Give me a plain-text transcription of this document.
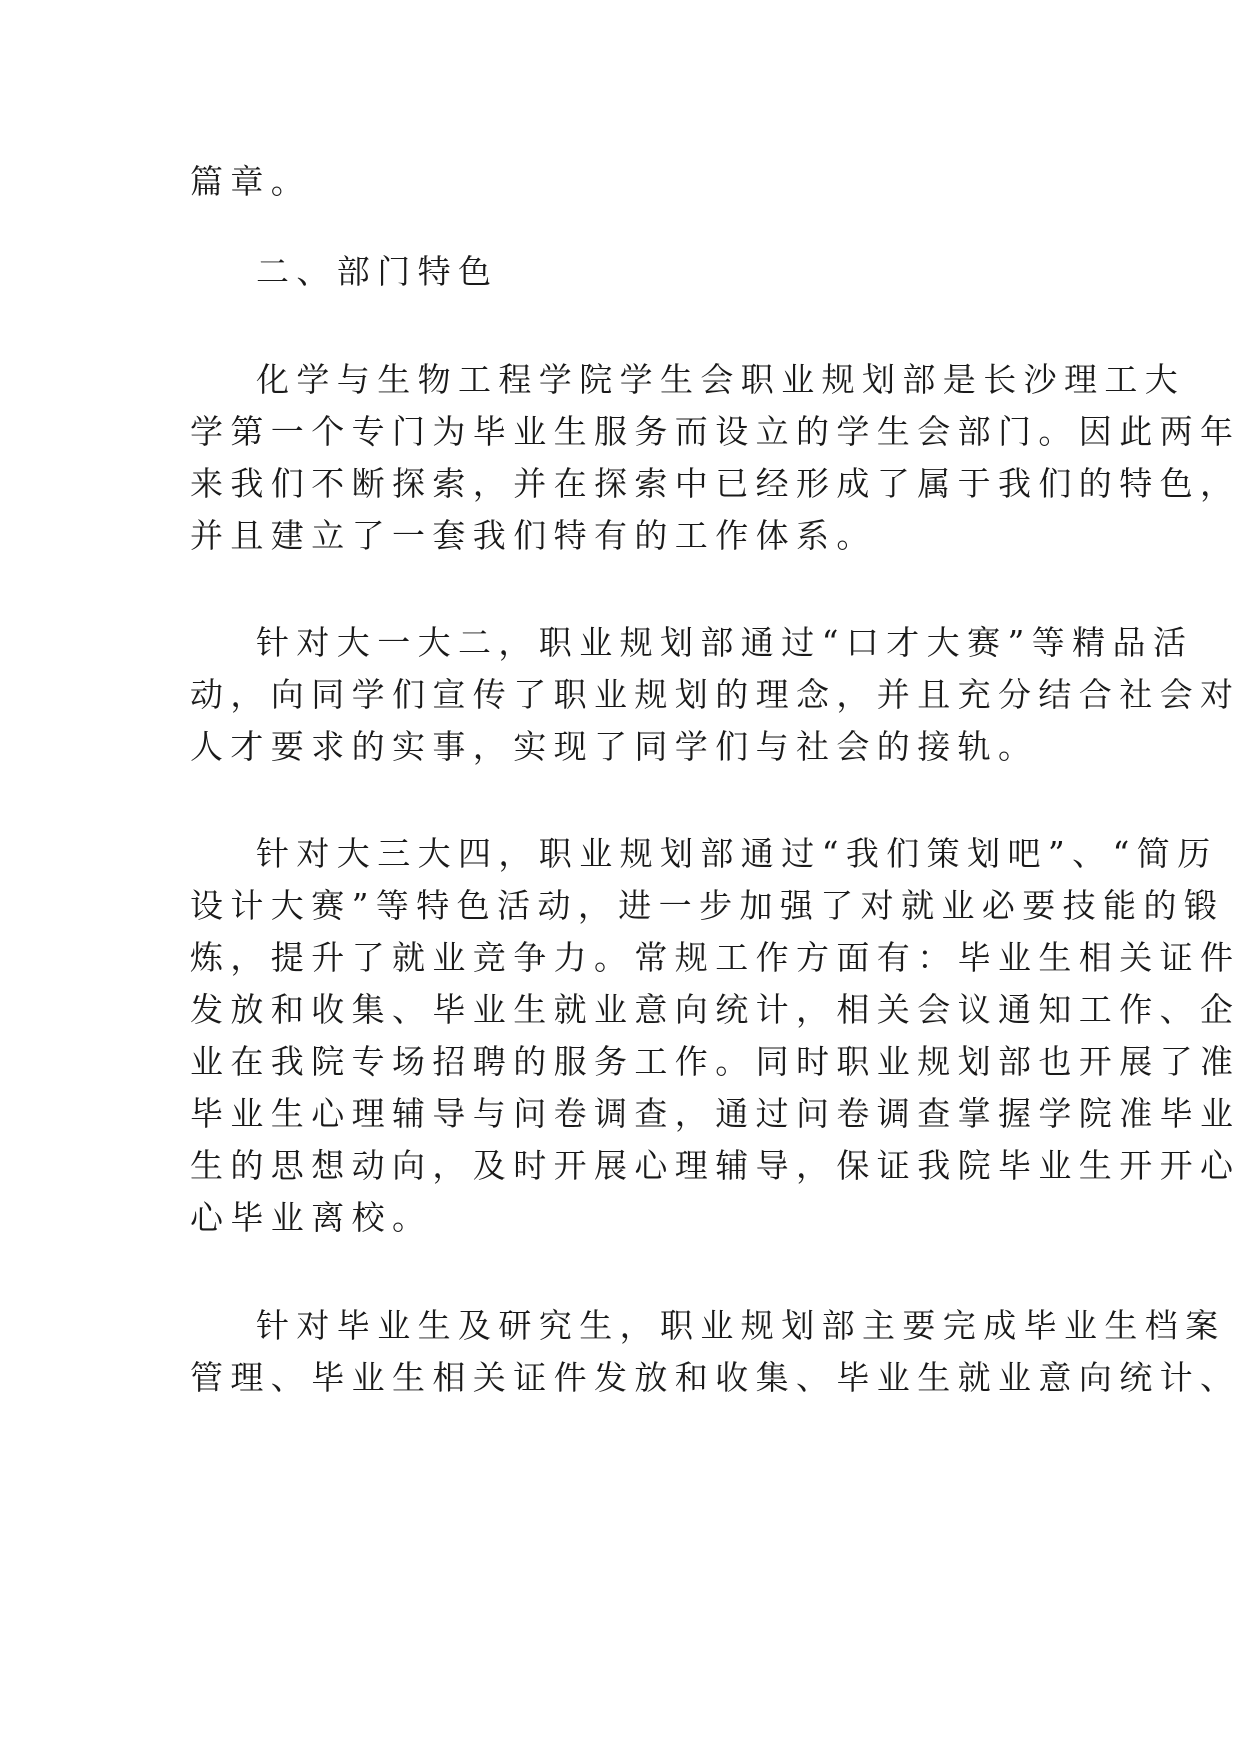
篇章。
二、部门特色
化学与生物工程学院学生会职业规划部是长沙理工大
学第一个专门为毕业生服务而设立的学生会部门。因此两年
来我们不断探索，并在探索中已经形成了属于我们的特色，
并且建立了一套我们特有的工作体系。
针对大一大二，职业规划部通过“口才大赛”等精品活
动，向同学们宣传了职业规划的理念，并且充分结合社会对
人才要求的实事，实现了同学们与社会的接轨。
针对大三大四，职业规划部通过“我们策划吧”、“简历
设计大赛”等特色活动，进一步加强了对就业必要技能的锻
炼，提升了就业竞争力。常规工作方面有：毕业生相关证件
发放和收集、毕业生就业意向统计，相关会议通知工作、企
业在我院专场招聘的服务工作。同时职业规划部也开展了准
毕业生心理辅导与问卷调查，通过问卷调查掌握学院准毕业
生的思想动向，及时开展心理辅导，保证我院毕业生开开心
心毕业离校。
针对毕业生及研究生，职业规划部主要完成毕业生档案
管理、毕业生相关证件发放和收集、毕业生就业意向统计、
